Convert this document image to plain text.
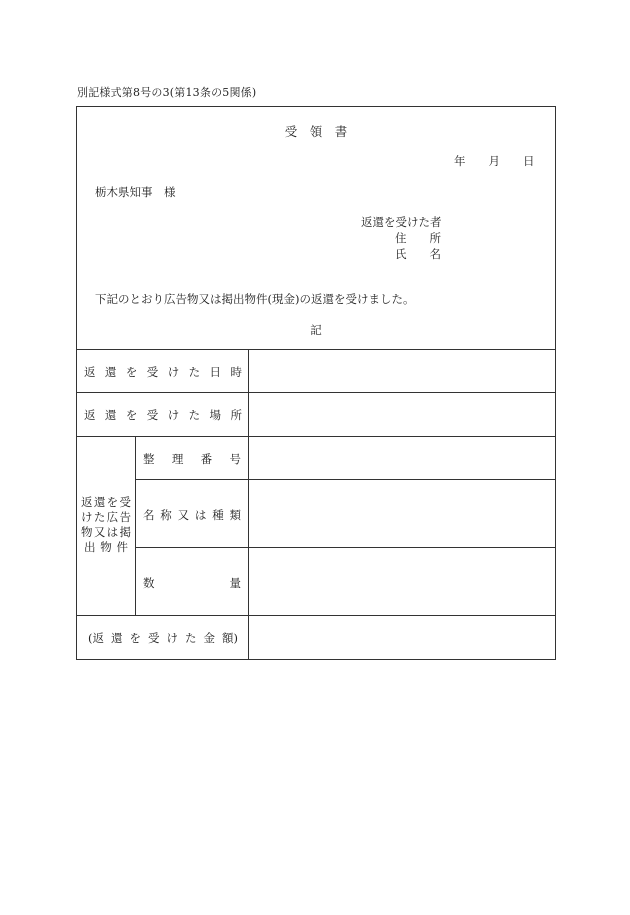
別記様式第8号の3(第13条の5関係)
受　領　書
年　　月　　日
栃木県知事　様
返還を受けた者
住　　所
氏　　名
下記のとおり広告物又は掲出物件(現金)の返還を受けました。
記
返 還 を 受 け た 日 時
返 還 を 受 け た 場 所
返 還 を 受
け た 広 告
物 又 は 掲
出 物 件
整 理 番 号
名 称 又 は 種 類
数	量
(返 還 を 受 け た 金 額)
